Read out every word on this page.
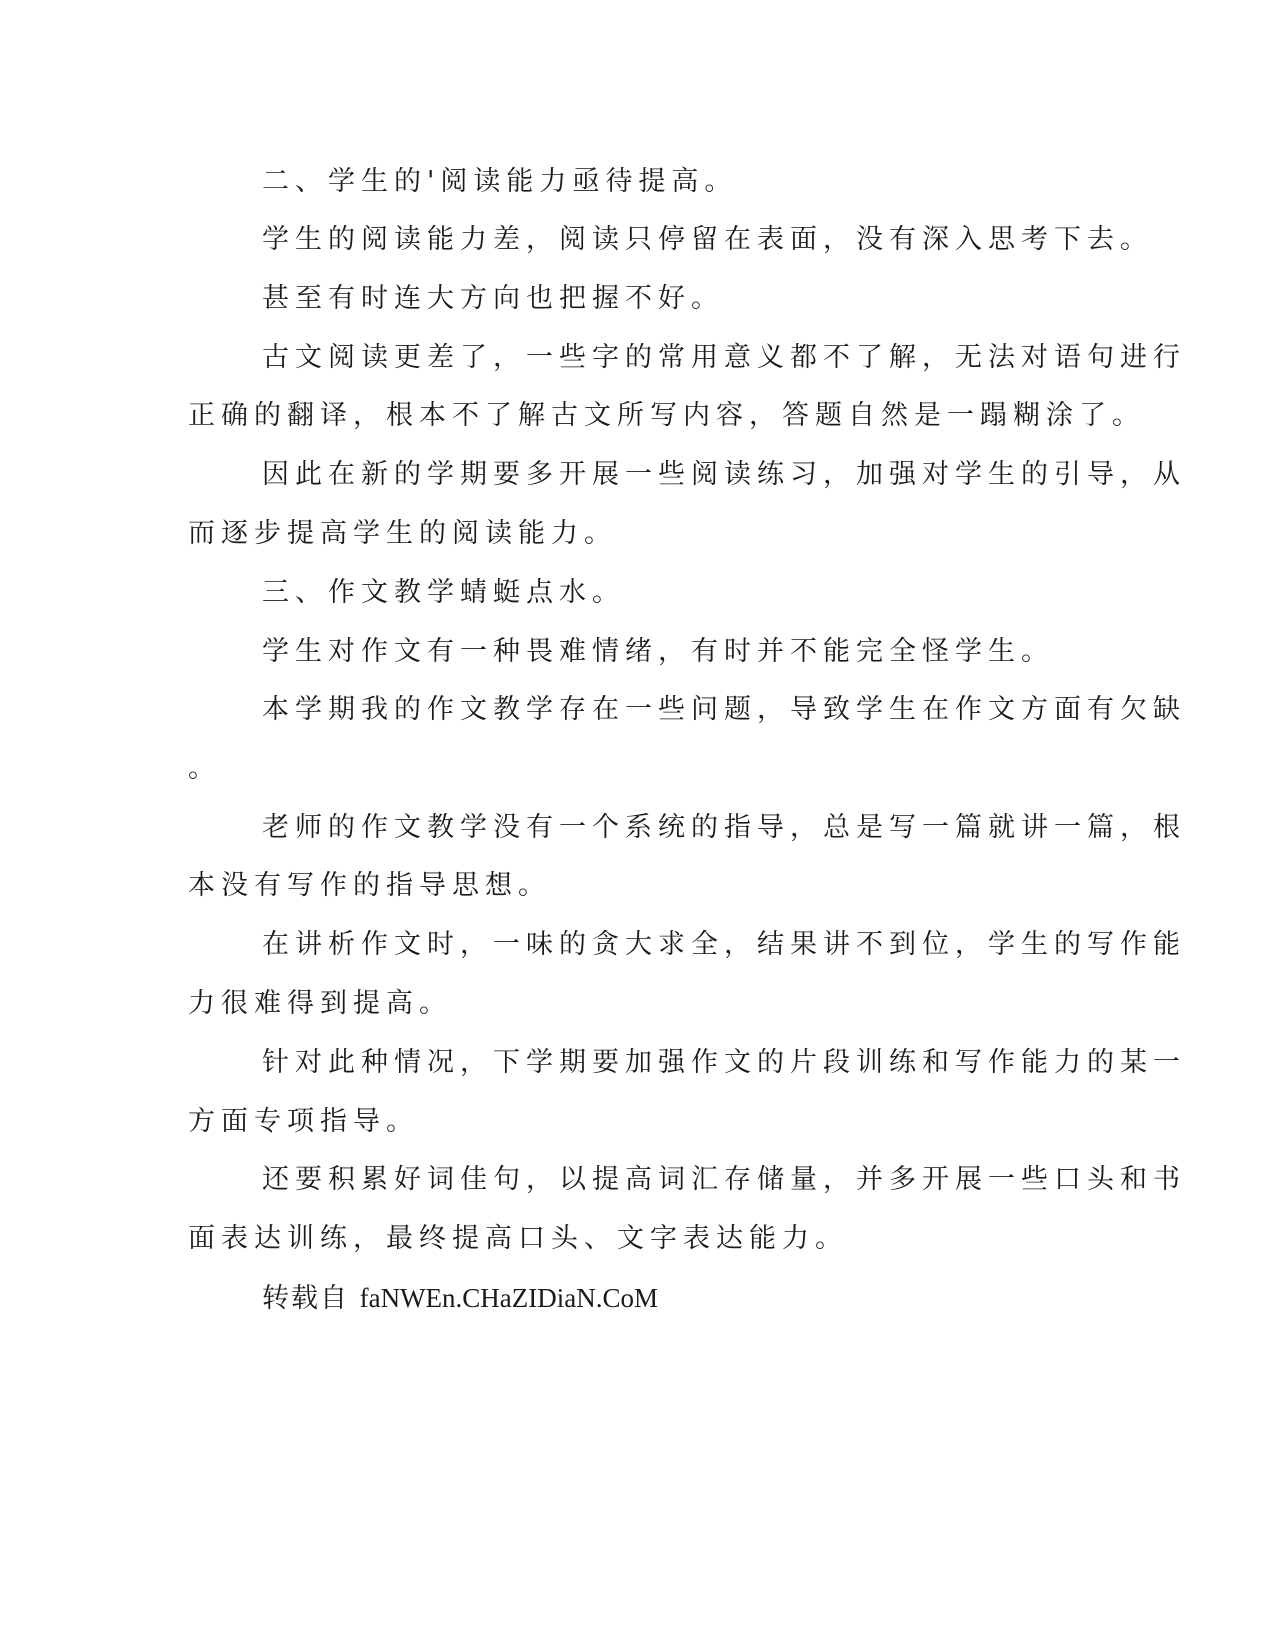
二、学生的'阅读能力亟待提高。
学生的阅读能力差，阅读只停留在表面，没有深入思考下去。
甚至有时连大方向也把握不好。
古文阅读更差了，一些字的常用意义都不了解，无法对语句进行
正确的翻译，根本不了解古文所写内容，答题自然是一蹋糊涂了。
因此在新的学期要多开展一些阅读练习，加强对学生的引导，从
而逐步提高学生的阅读能力。
三、作文教学蜻蜓点水。
学生对作文有一种畏难情绪，有时并不能完全怪学生。
本学期我的作文教学存在一些问题，导致学生在作文方面有欠缺
。
老师的作文教学没有一个系统的指导，总是写一篇就讲一篇，根
本没有写作的指导思想。
在讲析作文时，一味的贪大求全，结果讲不到位，学生的写作能
力很难得到提高。
针对此种情况，下学期要加强作文的片段训练和写作能力的某一
方面专项指导。
还要积累好词佳句，以提高词汇存储量，并多开展一些口头和书
面表达训练，最终提高口头、文字表达能力。
转载自 faNWEn.CHaZIDiaN.CoM
